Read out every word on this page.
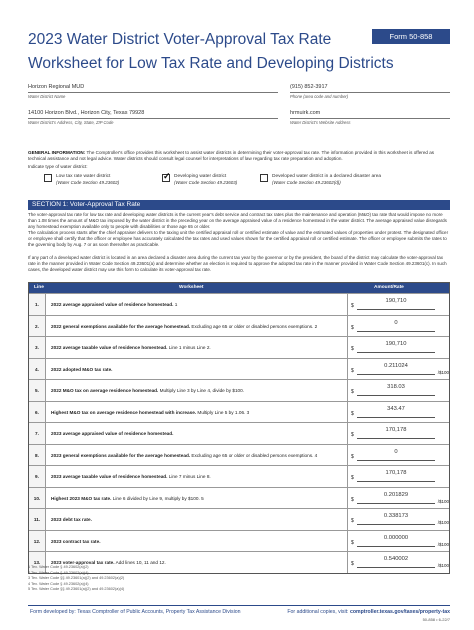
2023 Water District Voter-Approval Tax Rate
Worksheet for Low Tax Rate and Developing Districts
Form 50-858
Horizon Regional MUD
Water District Name
(915) 852-3917
Phone (area code and number)
14100 Horizon Blvd., Horizon City, Texas 79928
Water District's Address, City, State, ZIP Code
hrmuirk.com
Water District's Website Address
GENERAL INFORMATION: The Comptroller's office provides this worksheet to assist water districts in determining their voter-approval tax rate. The information provided in this worksheet is offered as technical assistance and not legal advice. Water districts should consult legal counsel for interpretations of law regarding tax rate preparation and adoption.
Indicate type of water district:
Low tax rate water district
(Water Code Section 49.23602)
✓ Developing water district
(Water Code Section 49.23603)
Developed water district in a declared disaster area
(Water Code Section 49.23602(d))
SECTION 1: Voter-Approval Tax Rate
The voter-approval tax rate for low tax rate and developing water districts is the current year's debt service and contract tax rates plus the maintenance and operation (M&O) tax rate that would impose no more than 1.08 times the amount of M&O tax imposed by the water district in the preceding year on the average appraised value of a residence homestead in the water district. The average appraised value disregards any homestead exemption available only to people with disabilities or those age 65 or older.
The calculation process starts after the chief appraiser delivers to the taxing unit the certified appraisal roll or certified estimate of value and the estimated values of properties under protest. The designated officer or employee shall certify that the officer or employee has accurately calculated the tax rates and used values shown for the certified appraisal roll or certified estimate. The officer or employee submits the rates to the governing body by Aug. 7 or as soon thereafter as practicable.
If any part of a developed water district is located in an area declared a disaster area during the current tax year by the governor or by the president, the board of the district may calculate the voter-approval tax rate in the manner provided in Water Code Section 49.23601(a) and determine whether an election is required to approve the adopted tax rate in the manner provided in Water Code Section 49.23601(c). In such cases, the developed water district may use this form to calculate its voter-approval tax rate.
Line	Worksheet	Amount/Rate
1.	2022 average appraised value of residence homestead. 1	$
190,710
2.	2022 general exemptions available for the average homestead. Excluding age 65 or older or disabled persons exemptions. 2	$
0
3.	2022 average taxable value of residence homestead. Line 1 minus Line 2.	$
190,710
4.	2022 adopted M&O tax rate.	$
0.211024
/$100
5.	2022 M&O tax on average residence homestead. Multiply Line 3 by Line 4, divide by $100.	$
318.03
6.	Highest M&O tax on average residence homestead with increase. Multiply Line 5 by 1.06. 3	$
343.47
7.	2023 average appraised value of residence homestead.	$
170,178
8.	2023 general exemptions available for the average homestead. Excluding age 65 or older or disabled persons exemptions. 4	$
0
9.	2023 average taxable value of residence homestead. Line 7 minus Line 8.	$
170,178
10.	Highest 2023 M&O tax rate. Line 6 divided by Line 9, multiply by $100. 5	$
0.201829
/$100
11.	2023 debt tax rate.	$
0.338173
/$100
12.	2023 contract tax rate.	$
0.000000
/$100
13.	2023 voter-approval tax rate. Add lines 10, 11 and 12.	$
0.540002
/$100
1 Tex. Water Code § 49.23602(a)(2)
2 Tex. Water Code § 49.23602(a)(4)
3 Tex. Water Code §§ 49.23601(a)(2) and 49.23602(a)(2)
4 Tex. Water Code § 49.23602(a)(4)
5 Tex. Water Code §§ 49.23601(a)(2) and 49.23602(a)(4)
Form developed by: Texas Comptroller of Public Accounts, Property Tax Assistance Division	For additional copies, visit: comptroller.texas.gov/taxes/property-tax
50-858 • 6-22/7
